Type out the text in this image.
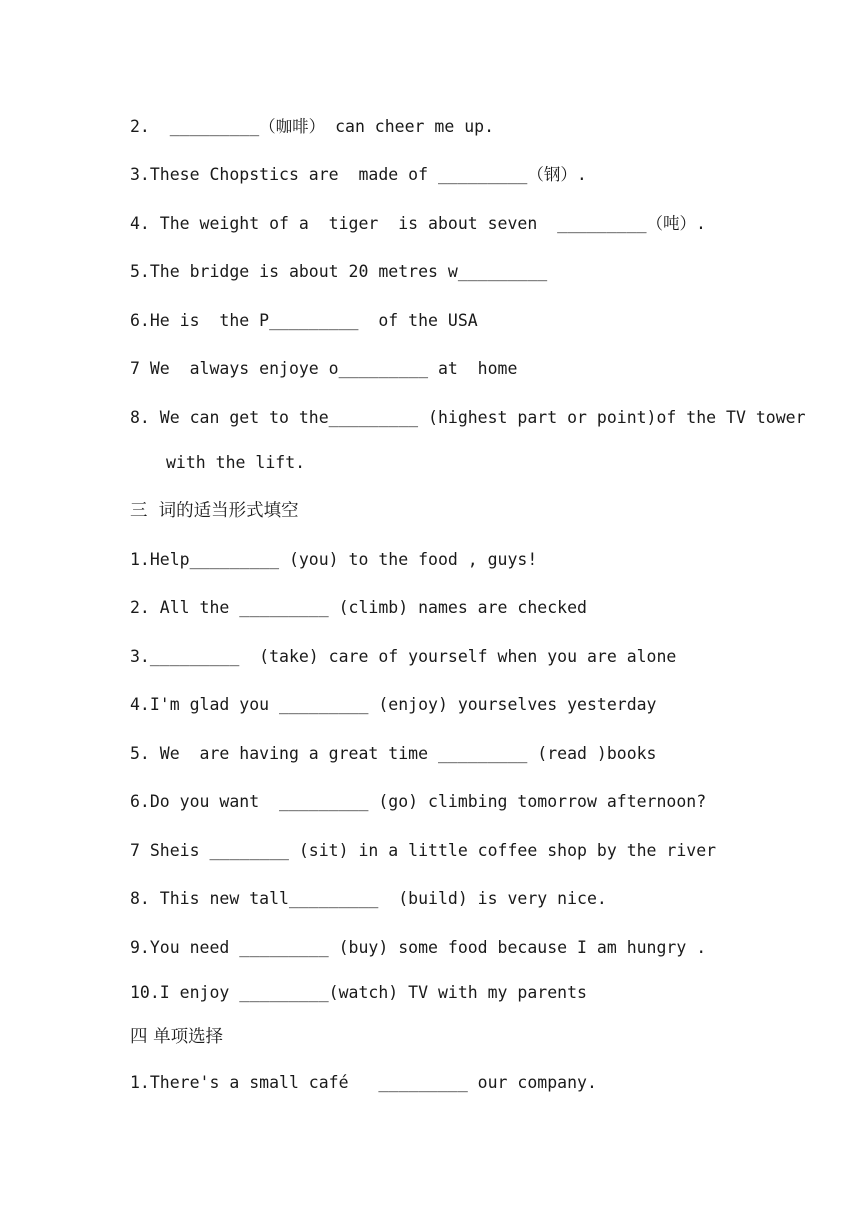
2.  _________（咖啡） can cheer me up.
3.These Chopstics are  made of _________（钢）.
4. The weight of a  tiger  is about seven  _________（吨）.
5.The bridge is about 20 metres w_________
6.He is  the P_________  of the USA
7 We  always enjoye o_________ at  home
8. We can get to the_________ (highest part or point)of the TV tower
with the lift.
三  词的适当形式填空
1.Help_________ (you) to the food , guys!
2. All the _________ (climb) names are checked
3._________  (take) care of yourself when you are alone
4.I'm glad you _________ (enjoy) yourselves yesterday
5. We  are having a great time _________ (read )books
6.Do you want  _________ (go) climbing tomorrow afternoon?
7 Sheis ________ (sit) in a little coffee shop by the river
8. This new tall_________  (build) is very nice.
9.You need _________ (buy) some food because I am hungry .
10.I enjoy _________(watch) TV with my parents
四 单项选择
1.There's a small café   _________ our company.
